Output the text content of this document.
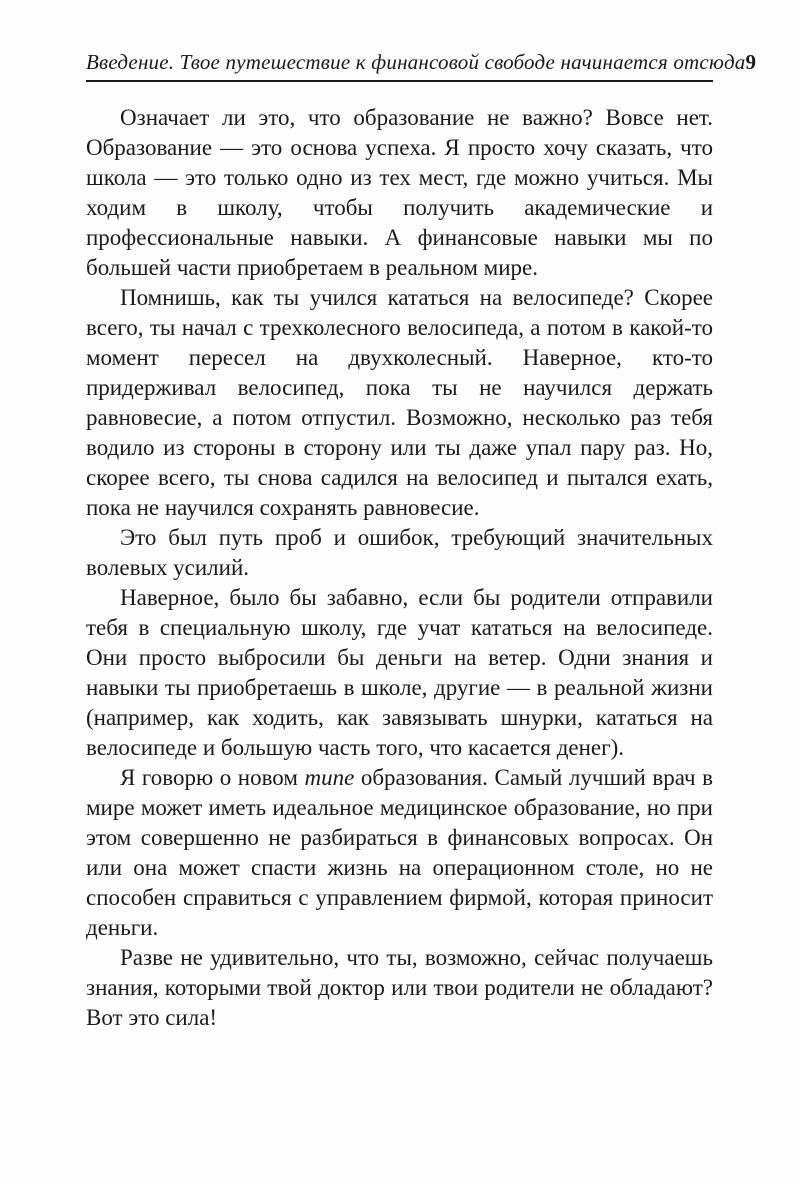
Введение. Твое путешествие к финансовой свободе начинается отсюда 9

Означает ли это, что образование не важно? Вовсе нет. Образование — это основа успеха. Я просто хочу сказать, что школа — это только одно из тех мест, где можно учиться. Мы ходим в школу, чтобы получить академические и профессиональные навыки. А финансовые навыки мы по большей части приобретаем в реальном мире.

Помнишь, как ты учился кататься на велосипеде? Скорее всего, ты начал с трехколесного велосипеда, а потом в какой-то момент пересел на двухколесный. Наверное, кто-то придерживал велосипед, пока ты не научился держать равновесие, а потом отпустил. Возможно, несколько раз тебя водило из стороны в сторону или ты даже упал пару раз. Но, скорее всего, ты снова садился на велосипед и пытался ехать, пока не научился сохранять равновесие.

Это был путь проб и ошибок, требующий значительных волевых усилий.

Наверное, было бы забавно, если бы родители отправили тебя в специальную школу, где учат кататься на велосипеде. Они просто выбросили бы деньги на ветер. Одни знания и навыки ты приобретаешь в школе, другие — в реальной жизни (например, как ходить, как завязывать шнурки, кататься на велосипеде и большую часть того, что касается денег).

Я говорю о новом типе образования. Самый лучший врач в мире может иметь идеальное медицинское образование, но при этом совершенно не разбираться в финансовых вопросах. Он или она может спасти жизнь на операционном столе, но не способен справиться с управлением фирмой, которая приносит деньги.

Разве не удивительно, что ты, возможно, сейчас получаешь знания, которыми твой доктор или твои родители не обладают? Вот это сила!
